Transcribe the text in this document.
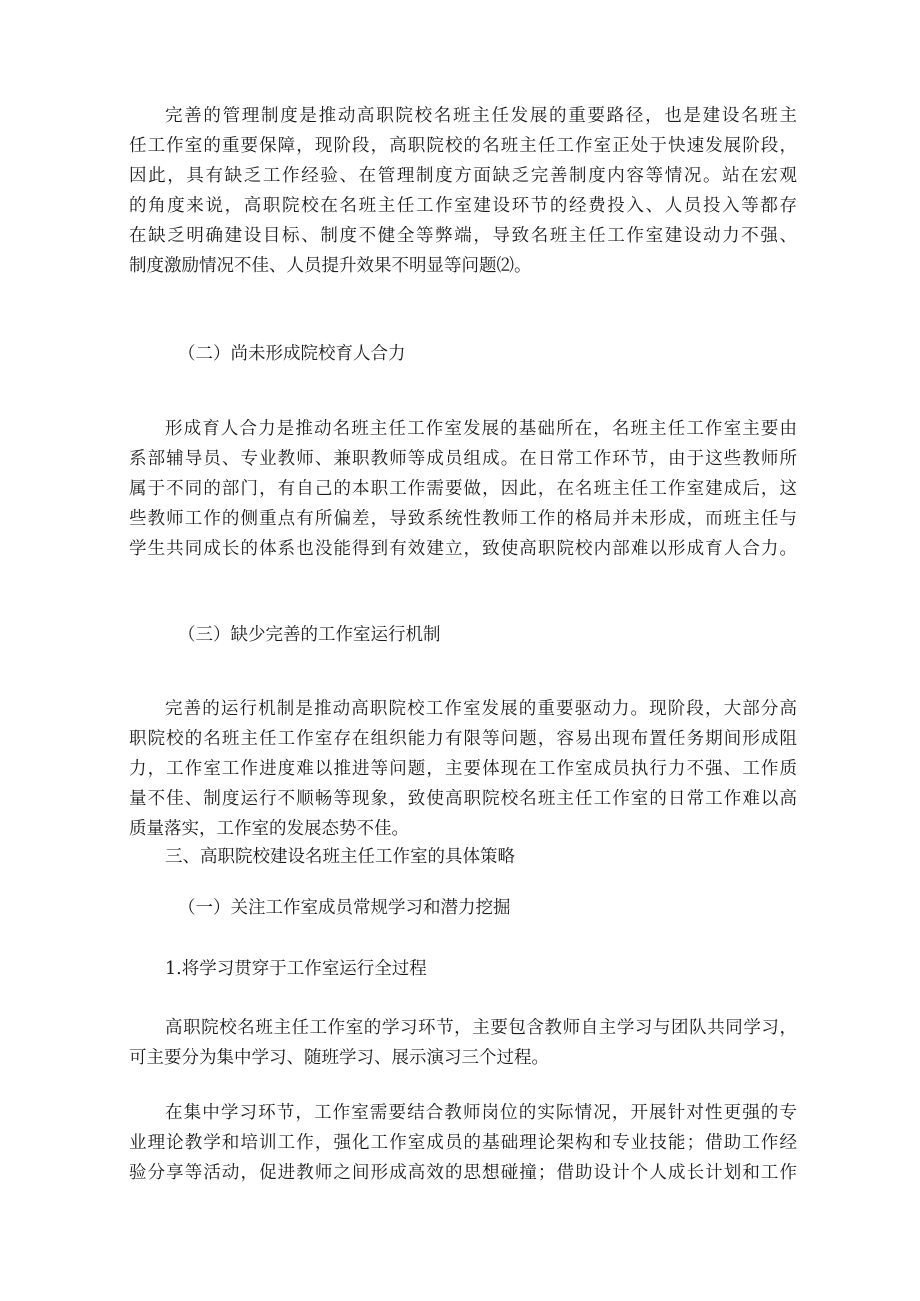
完善的管理制度是推动高职院校名班主任发展的重要路径，也是建设名班主
任工作室的重要保障，现阶段，高职院校的名班主任工作室正处于快速发展阶段，
因此，具有缺乏工作经验、在管理制度方面缺乏完善制度内容等情况。站在宏观
的角度来说，高职院校在名班主任工作室建设环节的经费投入、人员投入等都存
在缺乏明确建设目标、制度不健全等弊端，导致名班主任工作室建设动力不强、
制度激励情况不佳、人员提升效果不明显等问题⑵。
（二）尚未形成院校育人合力
形成育人合力是推动名班主任工作室发展的基础所在，名班主任工作室主要由
系部辅导员、专业教师、兼职教师等成员组成。在日常工作环节，由于这些教师所
属于不同的部门，有自己的本职工作需要做，因此，在名班主任工作室建成后，这
些教师工作的侧重点有所偏差，导致系统性教师工作的格局并未形成，而班主任与
学生共同成长的体系也没能得到有效建立，致使高职院校内部难以形成育人合力。
（三）缺少完善的工作室运行机制
完善的运行机制是推动高职院校工作室发展的重要驱动力。现阶段，大部分高
职院校的名班主任工作室存在组织能力有限等问题，容易出现布置任务期间形成阻
力，工作室工作进度难以推进等问题，主要体现在工作室成员执行力不强、工作质
量不佳、制度运行不顺畅等现象，致使高职院校名班主任工作室的日常工作难以高
质量落实，工作室的发展态势不佳。
三、高职院校建设名班主任工作室的具体策略
（一）关注工作室成员常规学习和潜力挖掘
1.将学习贯穿于工作室运行全过程
高职院校名班主任工作室的学习环节，主要包含教师自主学习与团队共同学习，
可主要分为集中学习、随班学习、展示演习三个过程。
在集中学习环节，工作室需要结合教师岗位的实际情况，开展针对性更强的专
业理论教学和培训工作，强化工作室成员的基础理论架构和专业技能；借助工作经
验分享等活动，促进教师之间形成高效的思想碰撞；借助设计个人成长计划和工作
